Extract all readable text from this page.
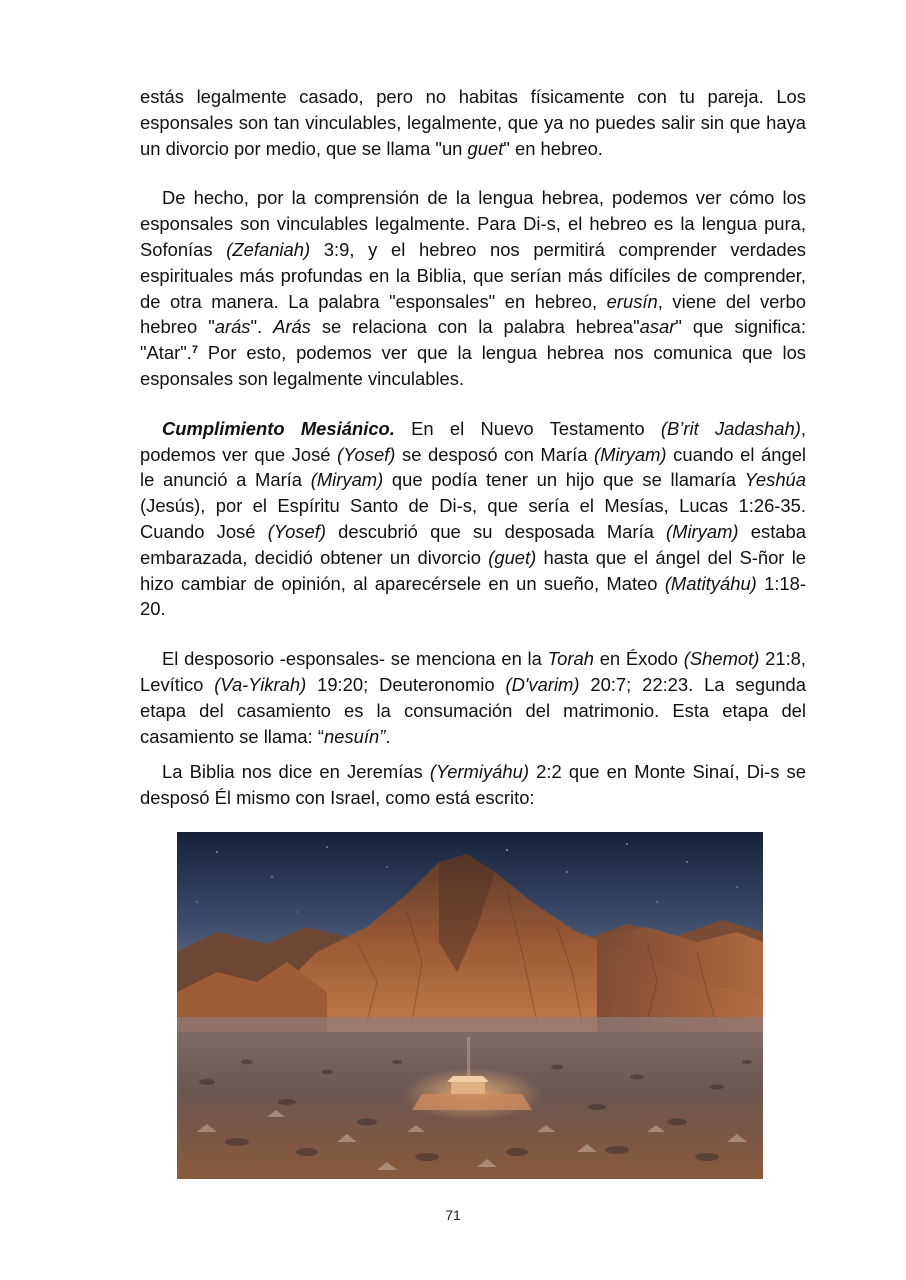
estás legalmente casado, pero no habitas físicamente con tu pareja. Los esponsales son tan vinculables, legalmente, que ya no puedes salir sin que haya un divorcio por medio, que se llama "un guet" en hebreo.

De hecho, por la comprensión de la lengua hebrea, podemos ver cómo los esponsales son vinculables legalmente. Para Di-s, el hebreo es la lengua pura, Sofonías (Zefaniah) 3:9, y el hebreo nos permitirá comprender verdades espirituales más profundas en la Biblia, que serían más difíciles de comprender, de otra manera. La palabra "esponsales" en hebreo, erusín, viene del verbo hebreo "arás". Arás se relaciona con la palabra hebrea"asar" que significa: "Atar".$^7$ Por esto, podemos ver que la lengua hebrea nos comunica que los esponsales son legalmente vinculables.

Cumplimiento Mesiánico. En el Nuevo Testamento (B’rit Jadashah), podemos ver que José (Yosef) se desposó con María (Miryam) cuando el ángel le anunció a María (Miryam) que podía tener un hijo que se llamaría Yeshúa (Jesús), por el Espíritu Santo de Di-s, que sería el Mesías, Lucas 1:26-35. Cuando José (Yosef) descubrió que su desposada María (Miryam) estaba embarazada, decidió obtener un divorcio (guet) hasta que el ángel del S-ñor le hizo cambiar de opinión, al aparecérsele en un sueño, Mateo (Matityáhu) 1:18-20.

El desposorio -esponsales- se menciona en la Torah en Éxodo (Shemot) 21:8, Levítico (Va-Yikrah) 19:20; Deuteronomio (D'varim) 20:7; 22:23. La segunda etapa del casamiento es la consumación del matrimonio. Esta etapa del casamiento se llama: “nesuín”.

La Biblia nos dice en Jeremías (Yermiyáhu) 2:2 que en Monte Sinaí, Di-s se desposó Él mismo con Israel, como está escrito:

71
